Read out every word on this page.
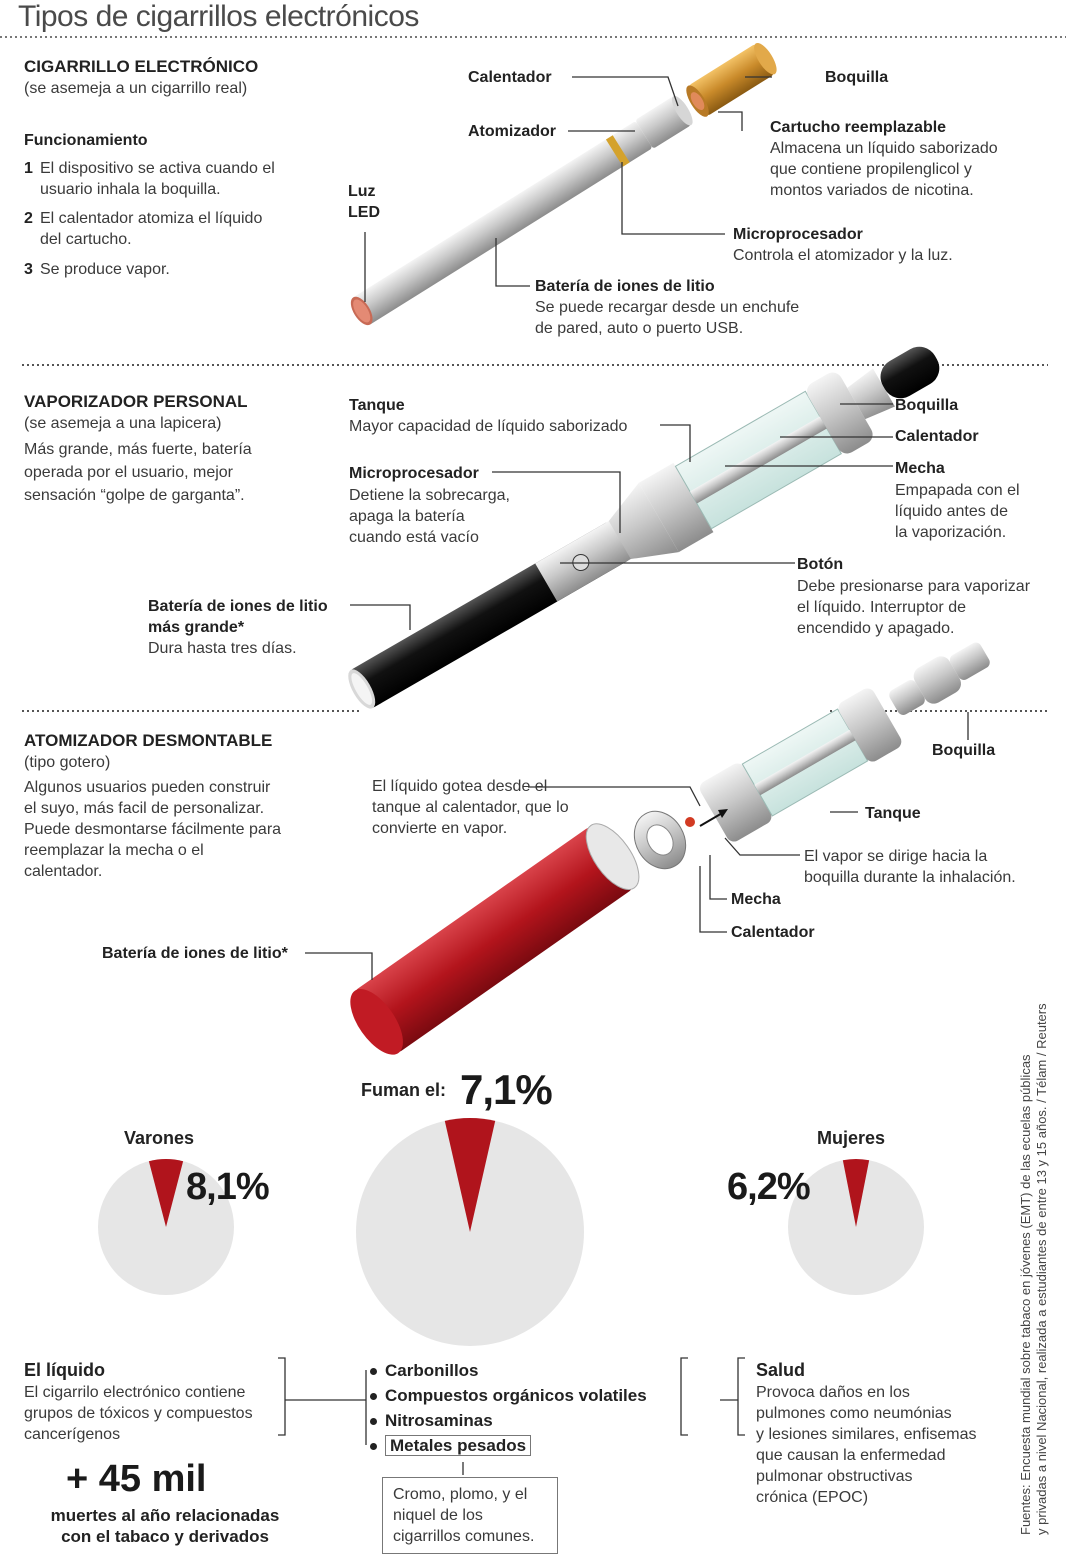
Tipos de cigarrillos electrónicos
CIGARRILLO ELECTRÓNICO
(se asemeja a un cigarrillo real)
Funcionamiento
1 El dispositivo se activa cuando el
usuario inhala la boquilla.
2 El calentador atomiza el líquido
del cartucho.
3 Se produce vapor.
Calentador
Atomizador
Luz
LED
Boquilla
Cartucho reemplazable
Almacena un líquido saborizado
que contiene propilenglicol y
montos variados de nicotina.
Microprocesador
Controla el atomizador y la luz.
Batería de iones de litio
Se puede recargar desde un enchufe
de pared, auto o puerto USB.
VAPORIZADOR PERSONAL
(se asemeja a una lapicera)
Más grande, más fuerte, batería
operada por el usuario, mejor
sensación “golpe de garganta”.
Tanque
Mayor capacidad de líquido saborizado
Microprocesador
Detiene la sobrecarga,
apaga la batería
cuando está vacío
Batería de iones de litio
más grande*
Dura hasta tres días.
Boquilla
Calentador
Mecha
Empapada con el
líquido antes de
la vaporización.
Botón
Debe presionarse para vaporizar
el líquido. Interruptor de
encendido y apagado.
ATOMIZADOR DESMONTABLE
(tipo gotero)
Algunos usuarios pueden construir
el suyo, más facil de personalizar.
Puede desmontarse fácilmente para
reemplazar la mecha o el
calentador.
El líquido gotea desde el
tanque al calentador, que lo
convierte en vapor.
Boquilla
Tanque
El vapor se dirige hacia la
boquilla durante la inhalación.
Mecha
Calentador
Batería de iones de litio*
Fuman el: 7,1%
Varones
8,1%
Mujeres
6,2%
El líquido
El cigarrilo electrónico contiene
grupos de tóxicos y compuestos
cancerígenos
+ 45 mil
muertes al año relacionadas
con el tabaco y derivados
Carbonillos
Compuestos orgánicos volatiles
Nitrosaminas
Metales pesados
Cromo, plomo, y el
niquel de los
cigarrillos comunes.
Salud
Provoca daños en los
pulmones como neumónias
y lesiones similares, enfisemas
que causan la enfermedad
pulmonar obstructivas
crónica (EPOC)	Fuentes: Encuesta mundial sobre tabaco en jóvenes (EMT) de las ecuelas públicas y privadas a nivel Nacional, realizada a estudiantes de entre 13 y 15 años. / Télam / Reuters
